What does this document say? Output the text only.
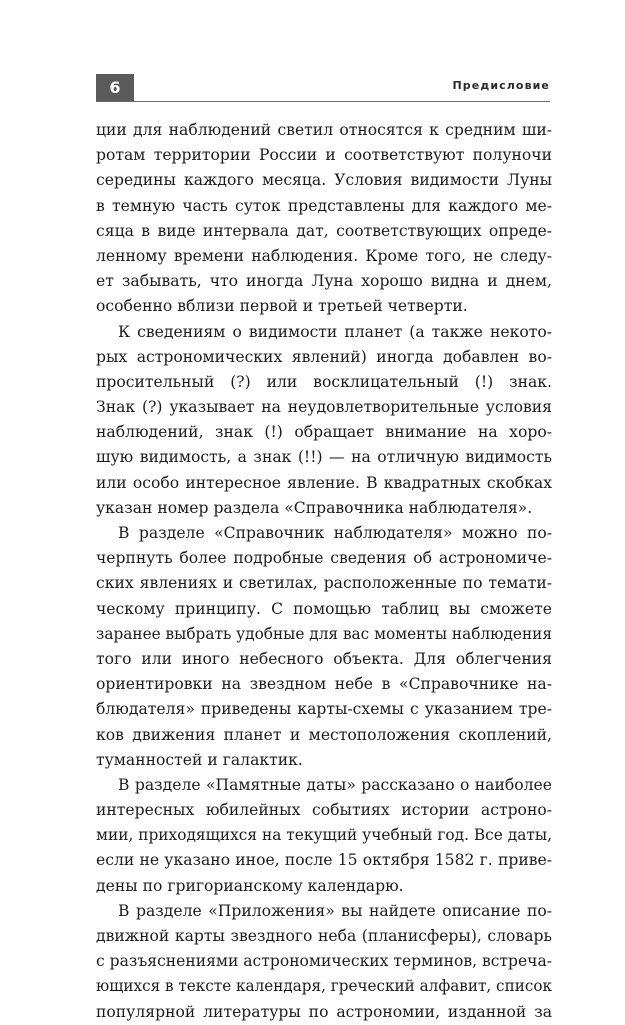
6	Предисловие
ции для наблюдений светил относятся к средним ши-
ротам территории России и соответствуют полуночи
середины каждого месяца. Условия видимости Луны
в темную часть суток представлены для каждого ме-
сяца в виде интервала дат, соответствующих опреде-
ленному времени наблюдения. Кроме того, не следу-
ет забывать, что иногда Луна хорошо видна и днем,
особенно вблизи первой и третьей четверти.
К сведениям о видимости планет (а также некото-
рых астрономических явлений) иногда добавлен во-
просительный (?) или восклицательный (!) знак.
Знак (?) указывает на неудовлетворительные условия
наблюдений, знак (!) обращает внимание на хоро-
шую видимость, а знак (!!) — на отличную видимость
или особо интересное явление. В квадратных скобках
указан номер раздела «Справочника наблюдателя».
В разделе «Справочник наблюдателя» можно по-
черпнуть более подробные сведения об астрономиче-
ских явлениях и светилах, расположенные по темати-
ческому принципу. С помощью таблиц вы сможете
заранее выбрать удобные для вас моменты наблюдения
того или иного небесного объекта. Для облегчения
ориентировки на звездном небе в «Справочнике на-
блюдателя» приведены карты-схемы с указанием тре-
ков движения планет и местоположения скоплений,
туманностей и галактик.
В разделе «Памятные даты» рассказано о наиболее
интересных юбилейных событиях истории астроно-
мии, приходящихся на текущий учебный год. Все даты,
если не указано иное, после 15 октября 1582 г. приве-
дены по григорианскому календарю.
В разделе «Приложения» вы найдете описание по-
движной карты звездного неба (планисферы), словарь
с разъяснениями астрономических терминов, встреча-
ющихся в тексте календаря, греческий алфавит, список
популярной литературы по астрономии, изданной за
